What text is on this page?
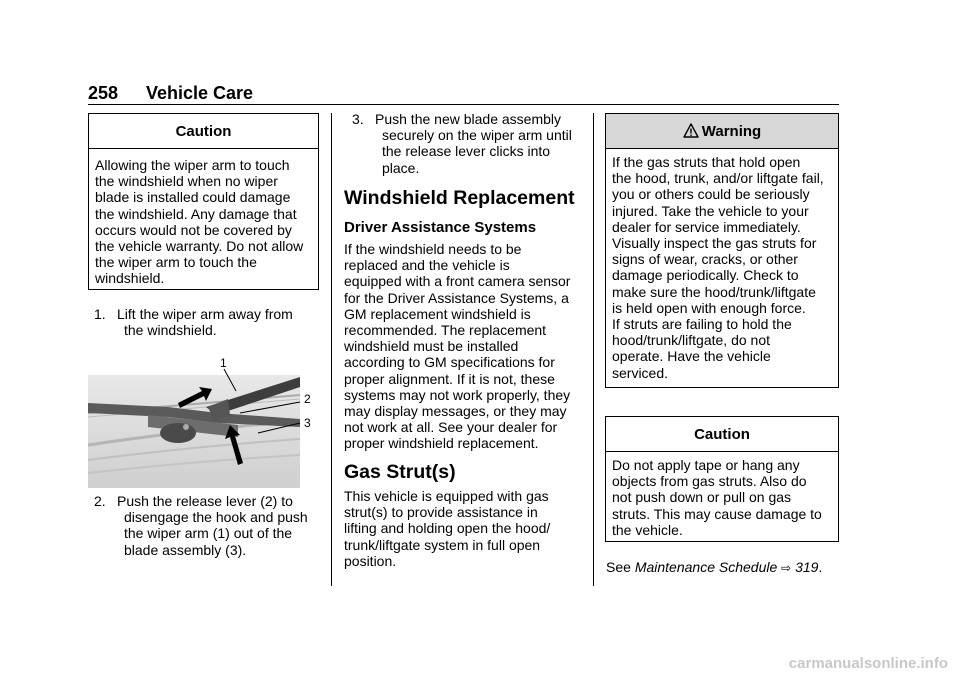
258 Vehicle Care
Caution
Allowing the wiper arm to touch
the windshield when no wiper
blade is installed could damage
the windshield. Any damage that
occurs would not be covered by
the vehicle warranty. Do not allow
the wiper arm to touch the
windshield.
1. Lift the wiper arm away from
the windshield.
1
2
3
2. Push the release lever (2) to
disengage the hook and push
the wiper arm (1) out of the
blade assembly (3).
3. Push the new blade assembly
securely on the wiper arm until
the release lever clicks into
place.
Windshield Replacement
Driver Assistance Systems
If the windshield needs to be
replaced and the vehicle is
equipped with a front camera sensor
for the Driver Assistance Systems, a
GM replacement windshield is
recommended. The replacement
windshield must be installed
according to GM specifications for
proper alignment. If it is not, these
systems may not work properly, they
may display messages, or they may
not work at all. See your dealer for
proper windshield replacement.
Gas Strut(s)
This vehicle is equipped with gas
strut(s) to provide assistance in
lifting and holding open the hood/
trunk/liftgate system in full open
position.
Warning
If the gas struts that hold open
the hood, trunk, and/or liftgate fail,
you or others could be seriously
injured. Take the vehicle to your
dealer for service immediately.
Visually inspect the gas struts for
signs of wear, cracks, or other
damage periodically. Check to
make sure the hood/trunk/liftgate
is held open with enough force.
If struts are failing to hold the
hood/trunk/liftgate, do not
operate. Have the vehicle
serviced.
Caution
Do not apply tape or hang any
objects from gas struts. Also do
not push down or pull on gas
struts. This may cause damage to
the vehicle.
See Maintenance Schedule ⇨ 319.
carmanualsonline.info
